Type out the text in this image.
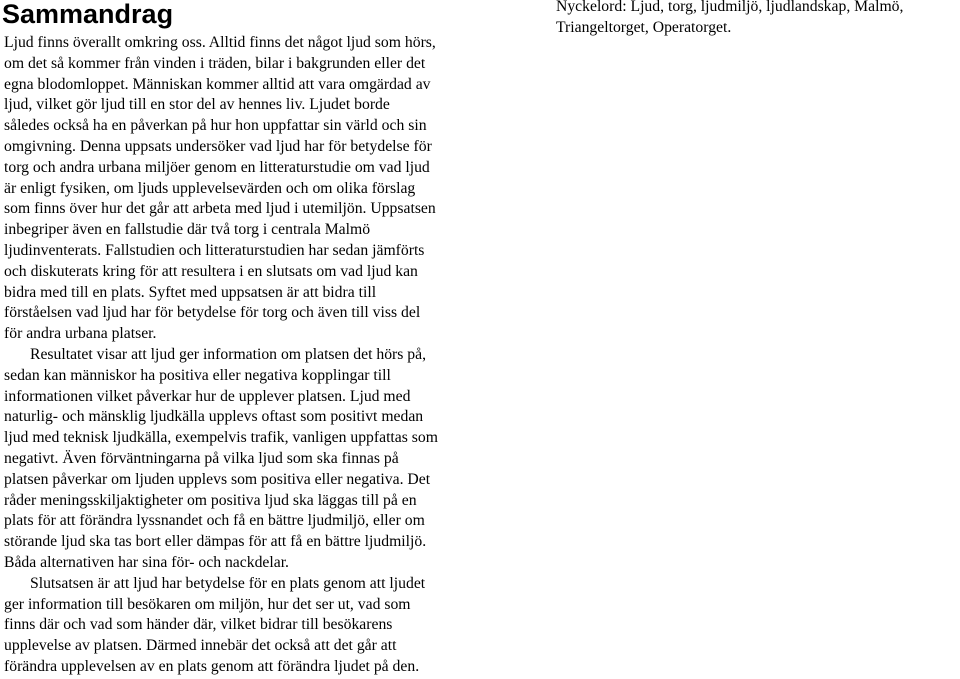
Sammandrag

Ljud finns överallt omkring oss. Alltid finns det något ljud som hörs,
om det så kommer från vinden i träden, bilar i bakgrunden eller det
egna blodomloppet. Människan kommer alltid att vara omgärdad av
ljud, vilket gör ljud till en stor del av hennes liv. Ljudet borde
således också ha en påverkan på hur hon uppfattar sin värld och sin
omgivning. Denna uppsats undersöker vad ljud har för betydelse för
torg och andra urbana miljöer genom en litteraturstudie om vad ljud
är enligt fysiken, om ljuds upplevelsevärden och om olika förslag
som finns över hur det går att arbeta med ljud i utemiljön. Uppsatsen
inbegriper även en fallstudie där två torg i centrala Malmö
ljudinventerats. Fallstudien och litteraturstudien har sedan jämförts
och diskuterats kring för att resultera i en slutsats om vad ljud kan
bidra med till en plats. Syftet med uppsatsen är att bidra till
förståelsen vad ljud har för betydelse för torg och även till viss del
för andra urbana platser.

Resultatet visar att ljud ger information om platsen det hörs på,
sedan kan människor ha positiva eller negativa kopplingar till
informationen vilket påverkar hur de upplever platsen. Ljud med
naturlig- och mänsklig ljudkälla upplevs oftast som positivt medan
ljud med teknisk ljudkälla, exempelvis trafik, vanligen uppfattas som
negativt. Även förväntningarna på vilka ljud som ska finnas på
platsen påverkar om ljuden upplevs som positiva eller negativa. Det
råder meningsskiljaktigheter om positiva ljud ska läggas till på en
plats för att förändra lyssnandet och få en bättre ljudmiljö, eller om
störande ljud ska tas bort eller dämpas för att få en bättre ljudmiljö.
Båda alternativen har sina för- och nackdelar.

Slutsatsen är att ljud har betydelse för en plats genom att ljudet
ger information till besökaren om miljön, hur det ser ut, vad som
finns där och vad som händer där, vilket bidrar till besökarens
upplevelse av platsen. Därmed innebär det också att det går att
förändra upplevelsen av en plats genom att förändra ljudet på den.

Nyckelord: Ljud, torg, ljudmiljö, ljudlandskap, Malmö,
Triangeltorget, Operatorget.
